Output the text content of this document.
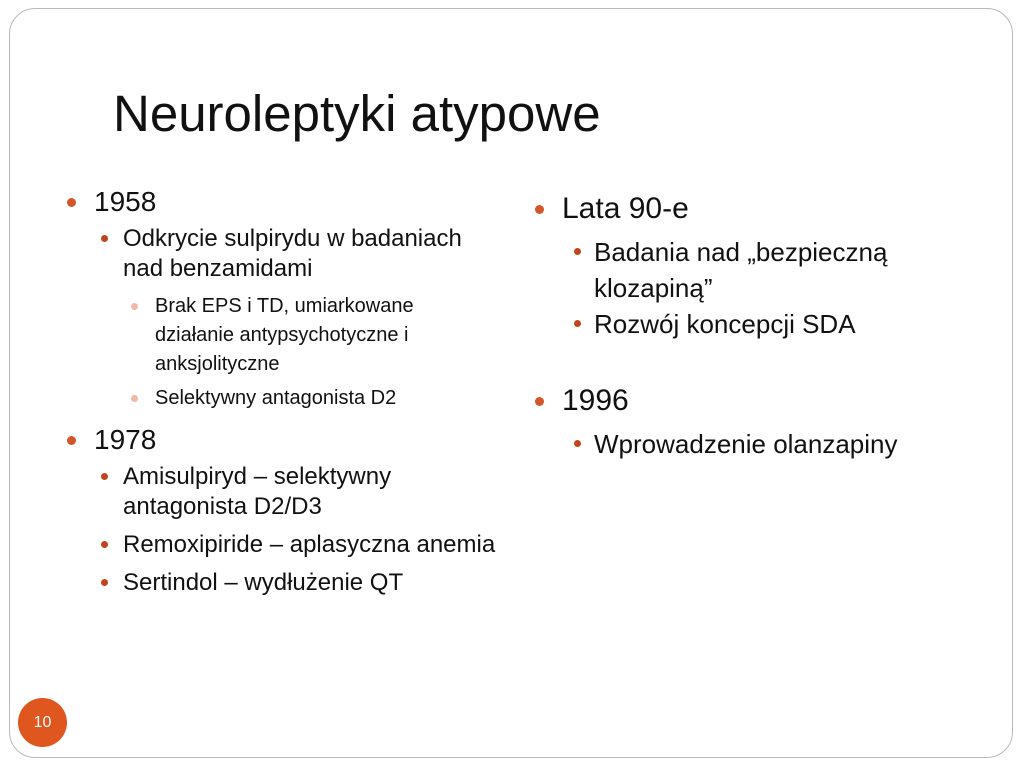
Neuroleptyki atypowe
1958
Odkrycie sulpirydu w badaniach nad benzamidami
Brak EPS i TD, umiarkowane działanie antypsychotyczne i anksjolityczne
Selektywny antagonista D2
1978
Amisulpiryd – selektywny antagonista D2/D3
Remoxipiride – aplasyczna anemia
Sertindol – wydłużenie QT
Lata 90-e
Badania nad „bezpieczną klozapiną”
Rozwój koncepcji SDA
1996
Wprowadzenie olanzapiny
10
